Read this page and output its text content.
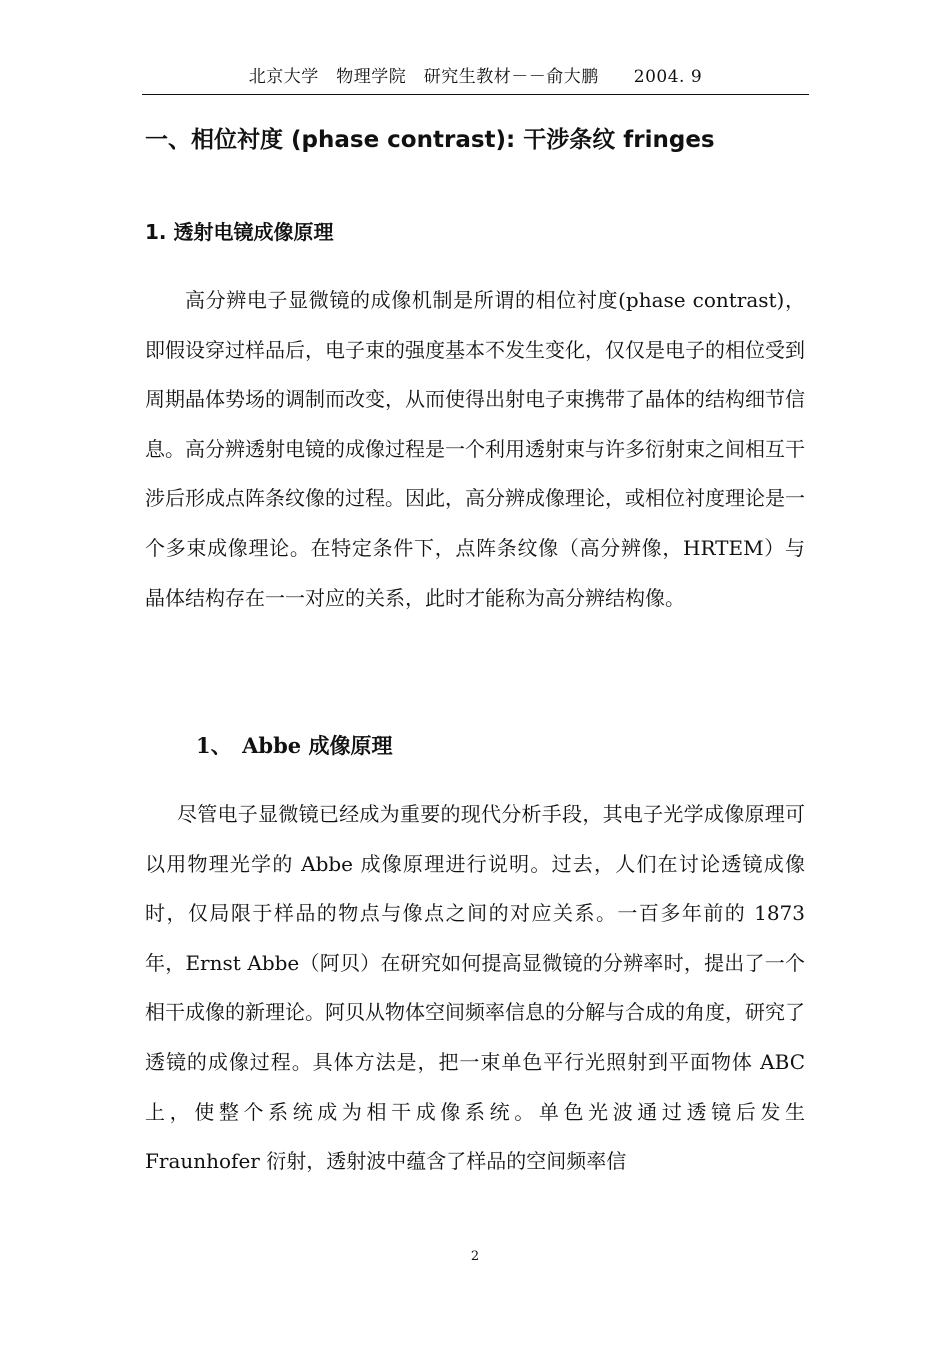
北京大学　物理学院　研究生教材－－俞大鹏　　2004. 9
一、相位衬度 (phase contrast): 干涉条纹 fringes
1. 透射电镜成像原理

高分辨电子显微镜的成像机制是所谓的相位衬度(phase contrast)，即假设穿过样品后，电子束的强度基本不发生变化，仅仅是电子的相位受到周期晶体势场的调制而改变，从而使得出射电子束携带了晶体的结构细节信息。高分辨透射电镜的成像过程是一个利用透射束与许多衍射束之间相互干涉后形成点阵条纹像的过程。因此，高分辨成像理论，或相位衬度理论是一个多束成像理论。在特定条件下，点阵条纹像（高分辨像，HRTEM）与晶体结构存在一一对应的关系，此时才能称为高分辨结构像。

1、　Abbe 成像原理

尽管电子显微镜已经成为重要的现代分析手段，其电子光学成像原理可以用物理光学的 Abbe 成像原理进行说明。过去，人们在讨论透镜成像时，仅局限于样品的物点与像点之间的对应关系。一百多年前的 1873 年，Ernst Abbe（阿贝）在研究如何提高显微镜的分辨率时，提出了一个相干成像的新理论。阿贝从物体空间频率信息的分解与合成的角度，研究了透镜的成像过程。具体方法是，把一束单色平行光照射到平面物体 ABC 上，使整个系统成为相干成像系统。单色光波通过透镜后发生 Fraunhofer 衍射，透射波中蕴含了样品的空间频率信

2
